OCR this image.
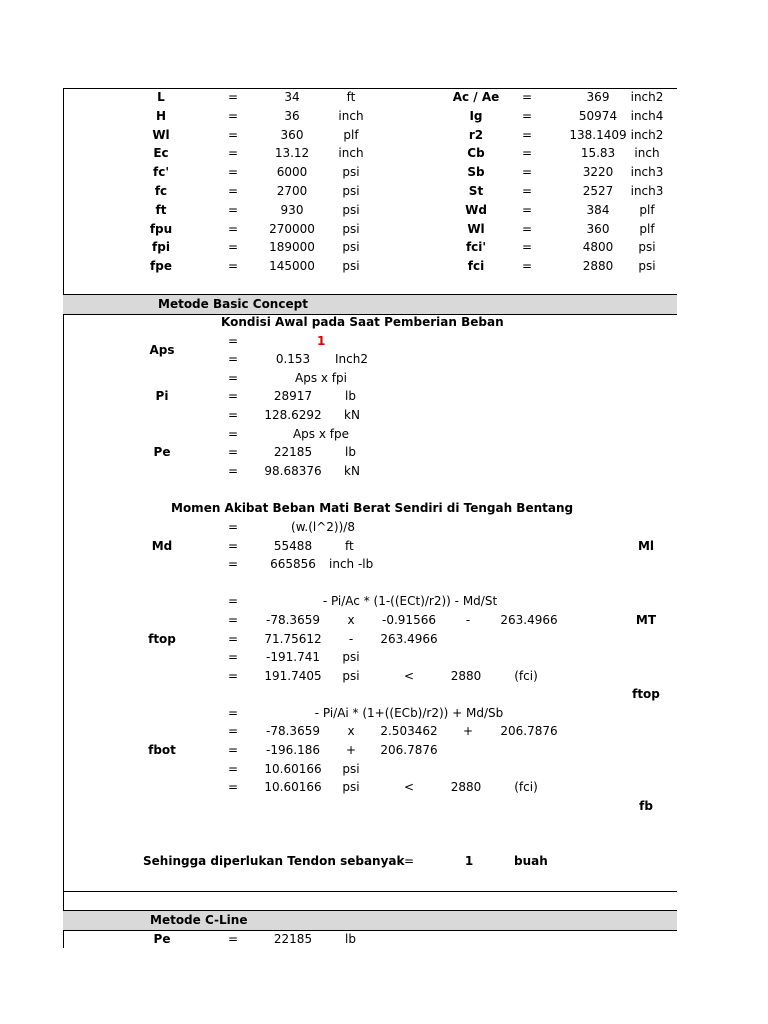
L	=	34	ft	Ac / Ae	=	369	inch2
H	=	36	inch	Ig	=	50974	inch4
Wl	=	360	plf	r2	=	138.1409 inch2
Ec	=	13.12	inch	Cb	=	15.83	inch
fc'	=	6000	psi	Sb	=	3220	inch3
fc	=	2700	psi	St	=	2527	inch3
ft	=	930	psi	Wd	=	384	plf
fpu	=	270000	psi	Wl	=	360	plf
fpi	=	189000	psi	fci'	=	4800	psi
fpe	=	145000	psi	fci	=	2880	psi
Metode Basic Concept
Kondisi Awal pada Saat Pemberian Beban
=	1
Aps
=	0.153	Inch2
=	Aps x fpi
Pi	=	28917	lb
=	128.6292 kN
=	Aps x fpe
Pe	=	22185	lb
=	98.68376 kN
Momen Akibat Beban Mati Berat Sendiri di Tengah Bentang
=	(w.(l^2))/8
Md	=	55488	ft	Ml
=	665856	inch -lb
=	- Pi/Ac * (1-((ECt)/r2)) - Md/St
=	-78.3659	x	-0.91566	-	263.4966	MT
ftop	=	71.75612	-	263.4966
=	-191.741	psi
=	191.7405	psi	<	2880	(fci)
ftop
=	- Pi/Ai * (1+((ECb)/r2)) + Md/Sb
=	-78.3659	x	2.503462	+	206.7876
fbot	=	-196.186	+	206.7876
=	10.60166	psi
=	10.60166	psi	<	2880	(fci)
fb
Sehingga diperlukan Tendon sebanyak =	1	buah
Metode C-Line
Pe	=	22185	lb
